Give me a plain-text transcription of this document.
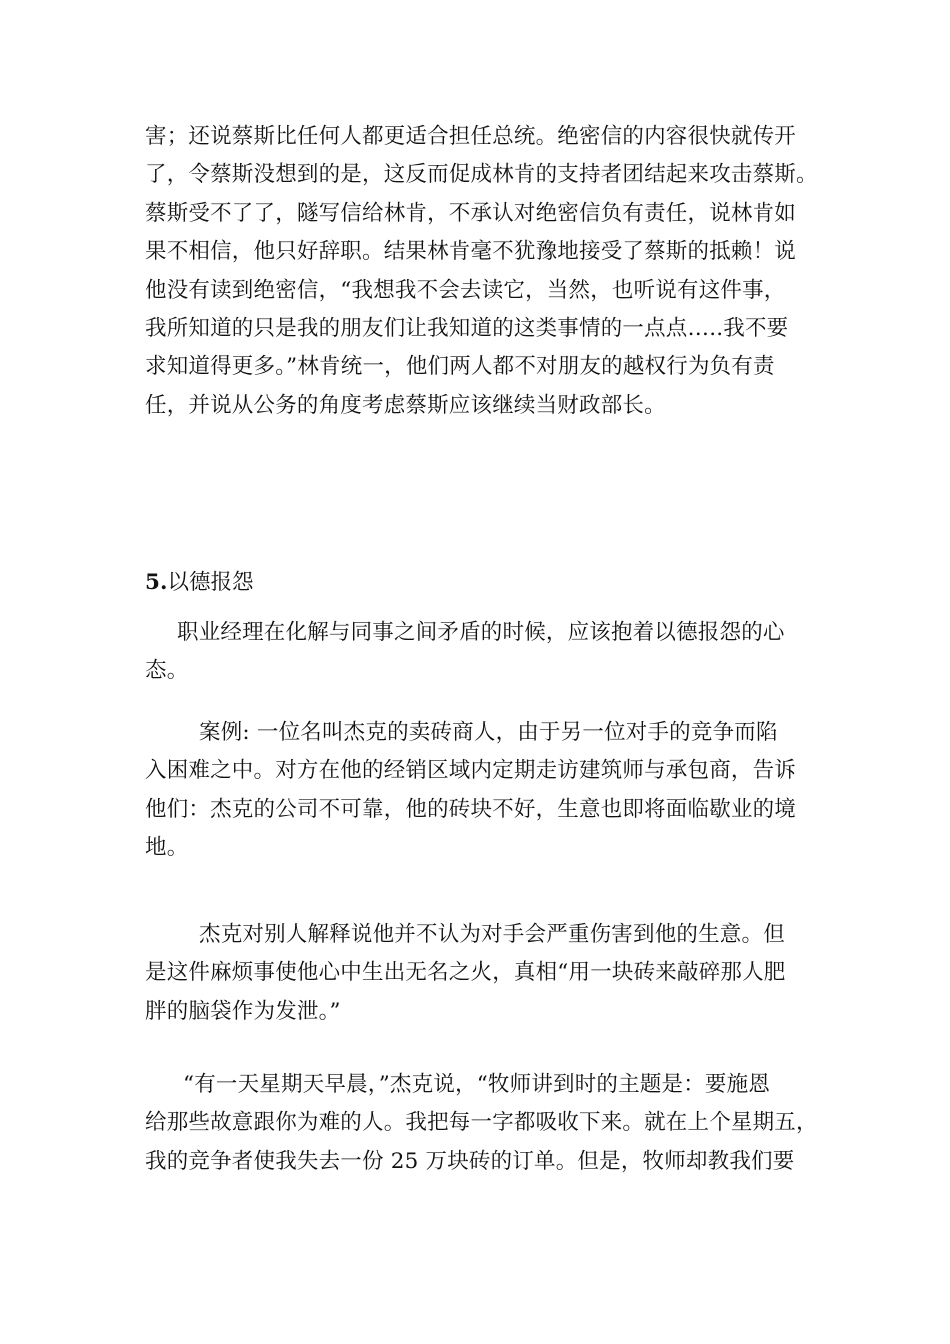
害；还说蔡斯比任何人都更适合担任总统。绝密信的内容很快就传开
了，令蔡斯没想到的是，这反而促成林肯的支持者团结起来攻击蔡斯。
蔡斯受不了了，隧写信给林肯，不承认对绝密信负有责任，说林肯如
果不相信，他只好辞职。结果林肯毫不犹豫地接受了蔡斯的抵赖！说
他没有读到绝密信，“我想我不会去读它，当然，也听说有这件事，
我所知道的只是我的朋友们让我知道的这类事情的一点点…..我不要
求知道得更多。”林肯统一，他们两人都不对朋友的越权行为负有责
任，并说从公务的角度考虑蔡斯应该继续当财政部长。
5.以德报怨
职业经理在化解与同事之间矛盾的时候，应该抱着以德报怨的心
态。
案例: 一位名叫杰克的卖砖商人，由于另一位对手的竞争而陷
入困难之中。对方在他的经销区域内定期走访建筑师与承包商，告诉
他们：杰克的公司不可靠，他的砖块不好，生意也即将面临歇业的境
地。
杰克对别人解释说他并不认为对手会严重伤害到他的生意。但
是这件麻烦事使他心中生出无名之火，真相“用一块砖来敲碎那人肥
胖的脑袋作为发泄。”
“有一天星期天早晨，”杰克说，“牧师讲到时的主题是：要施恩
给那些故意跟你为难的人。我把每一字都吸收下来。就在上个星期五，
我的竞争者使我失去一份 25 万块砖的订单。但是，牧师却教我们要
